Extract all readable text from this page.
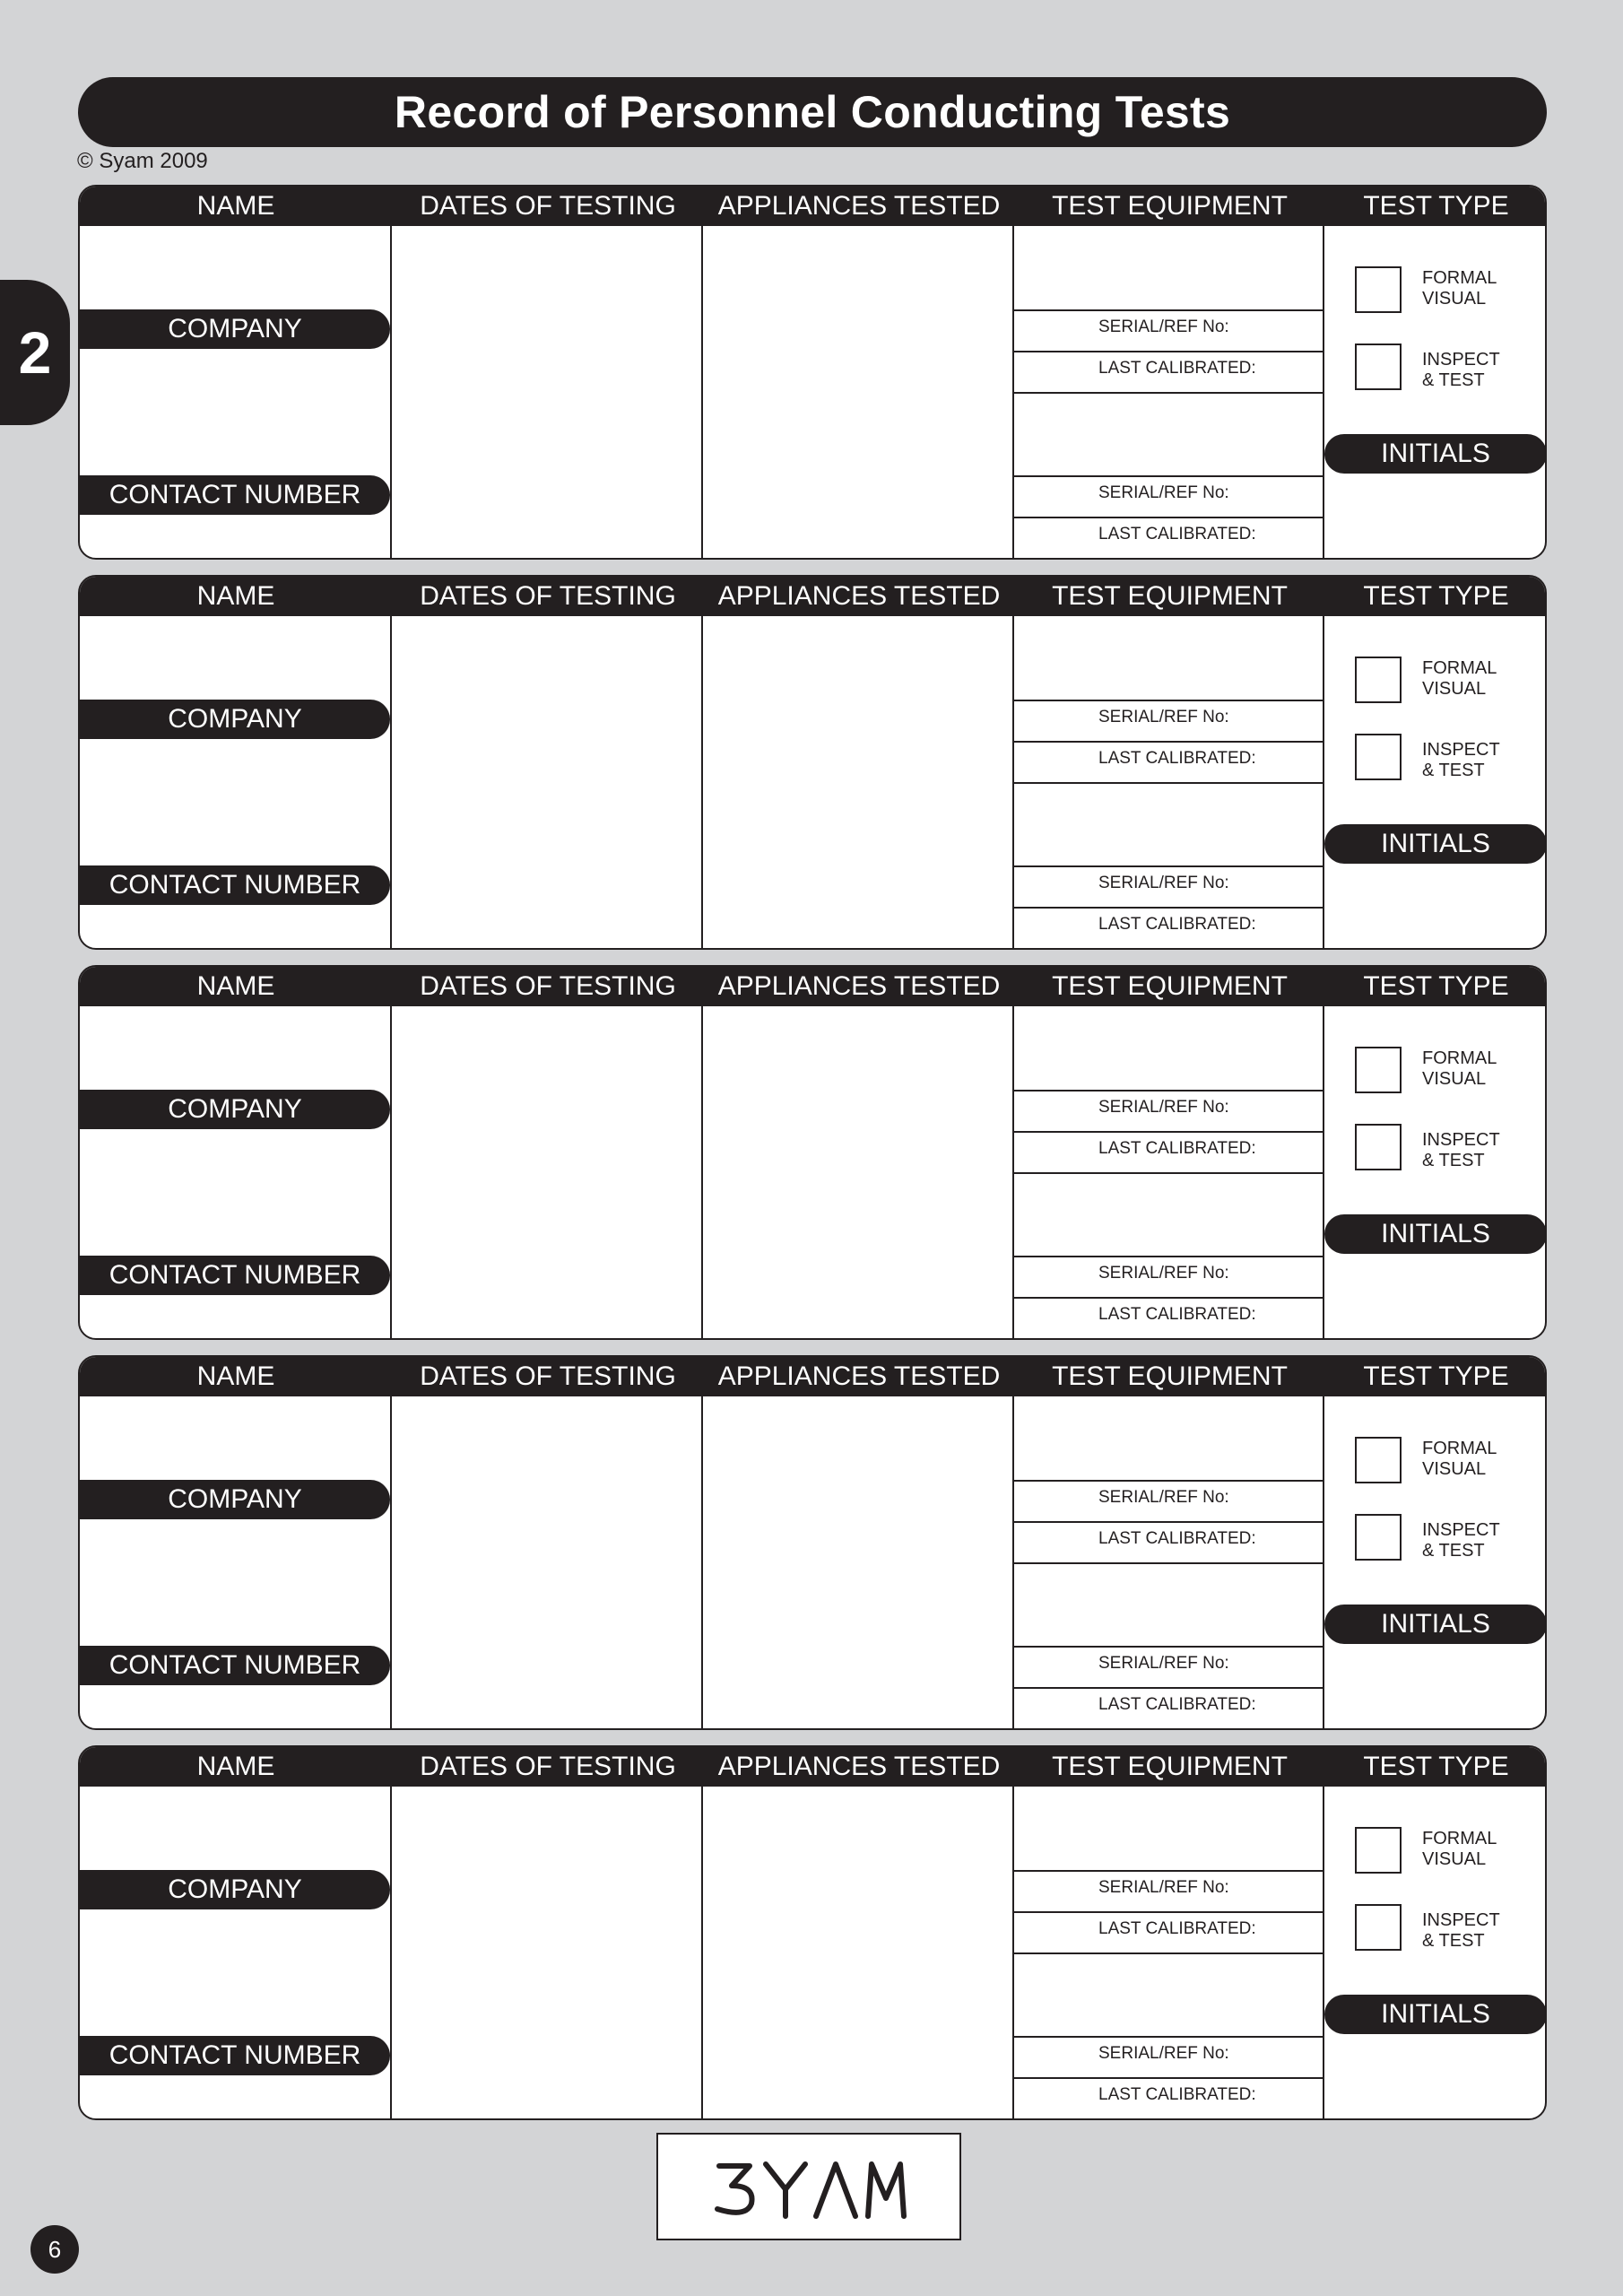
Record of Personnel Conducting Tests
© Syam 2009
2
NAME	DATES OF TESTING	APPLIANCES TESTED	TEST EQUIPMENT	TEST TYPE
COMPANY
CONTACT NUMBER
SERIAL/REF No:
LAST CALIBRATED:
SERIAL/REF No:
LAST CALIBRATED:
FORMAL
VISUAL
INSPECT
& TEST
INITIALS
NAME	DATES OF TESTING	APPLIANCES TESTED	TEST EQUIPMENT	TEST TYPE
COMPANY
CONTACT NUMBER
SERIAL/REF No:
LAST CALIBRATED:
SERIAL/REF No:
LAST CALIBRATED:
FORMAL
VISUAL
INSPECT
& TEST
INITIALS
NAME	DATES OF TESTING	APPLIANCES TESTED	TEST EQUIPMENT	TEST TYPE
COMPANY
CONTACT NUMBER
SERIAL/REF No:
LAST CALIBRATED:
SERIAL/REF No:
LAST CALIBRATED:
FORMAL
VISUAL
INSPECT
& TEST
INITIALS
NAME	DATES OF TESTING	APPLIANCES TESTED	TEST EQUIPMENT	TEST TYPE
COMPANY
CONTACT NUMBER
SERIAL/REF No:
LAST CALIBRATED:
SERIAL/REF No:
LAST CALIBRATED:
FORMAL
VISUAL
INSPECT
& TEST
INITIALS
NAME	DATES OF TESTING	APPLIANCES TESTED	TEST EQUIPMENT	TEST TYPE
COMPANY
CONTACT NUMBER
SERIAL/REF No:
LAST CALIBRATED:
SERIAL/REF No:
LAST CALIBRATED:
FORMAL
VISUAL
INSPECT
& TEST
INITIALS
6
